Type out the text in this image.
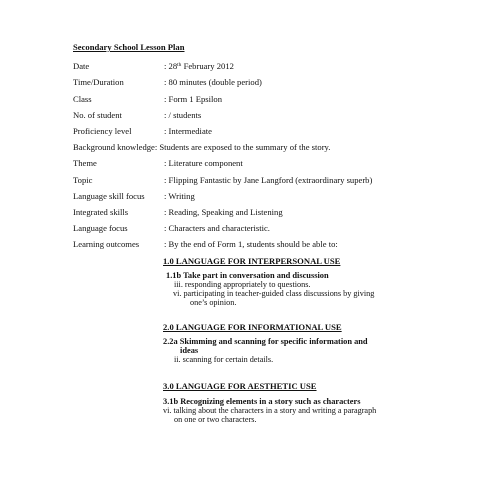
Secondary School Lesson Plan
Date	: 28th February 2012
Time/Duration	: 80 minutes (double period)
Class	: Form 1 Epsilon
No. of student	: / students
Proficiency level	: Intermediate
Background knowledge: Students are exposed to the summary of the story.
Theme	: Literature component
Topic	: Flipping Fantastic by Jane Langford (extraordinary superb)
Language skill focus : Writing
Integrated skills	: Reading, Speaking and Listening
Language focus	: Characters and characteristic.
Learning outcomes	: By the end of Form 1, students should be able to:
1.0 LANGUAGE FOR INTERPERSONAL USE
1.1b Take part in conversation and discussion
iii. responding appropriately to questions.
vi. participating in teacher-guided class discussions by giving
one’s opinion.
2.0 LANGUAGE FOR INFORMATIONAL USE
2.2a Skimming and scanning for specific information and
ideas
ii. scanning for certain details.
3.0 LANGUAGE FOR AESTHETIC USE
3.1b Recognizing elements in a story such as characters
vi. talking about the characters in a story and writing a paragraph
on one or two characters.
